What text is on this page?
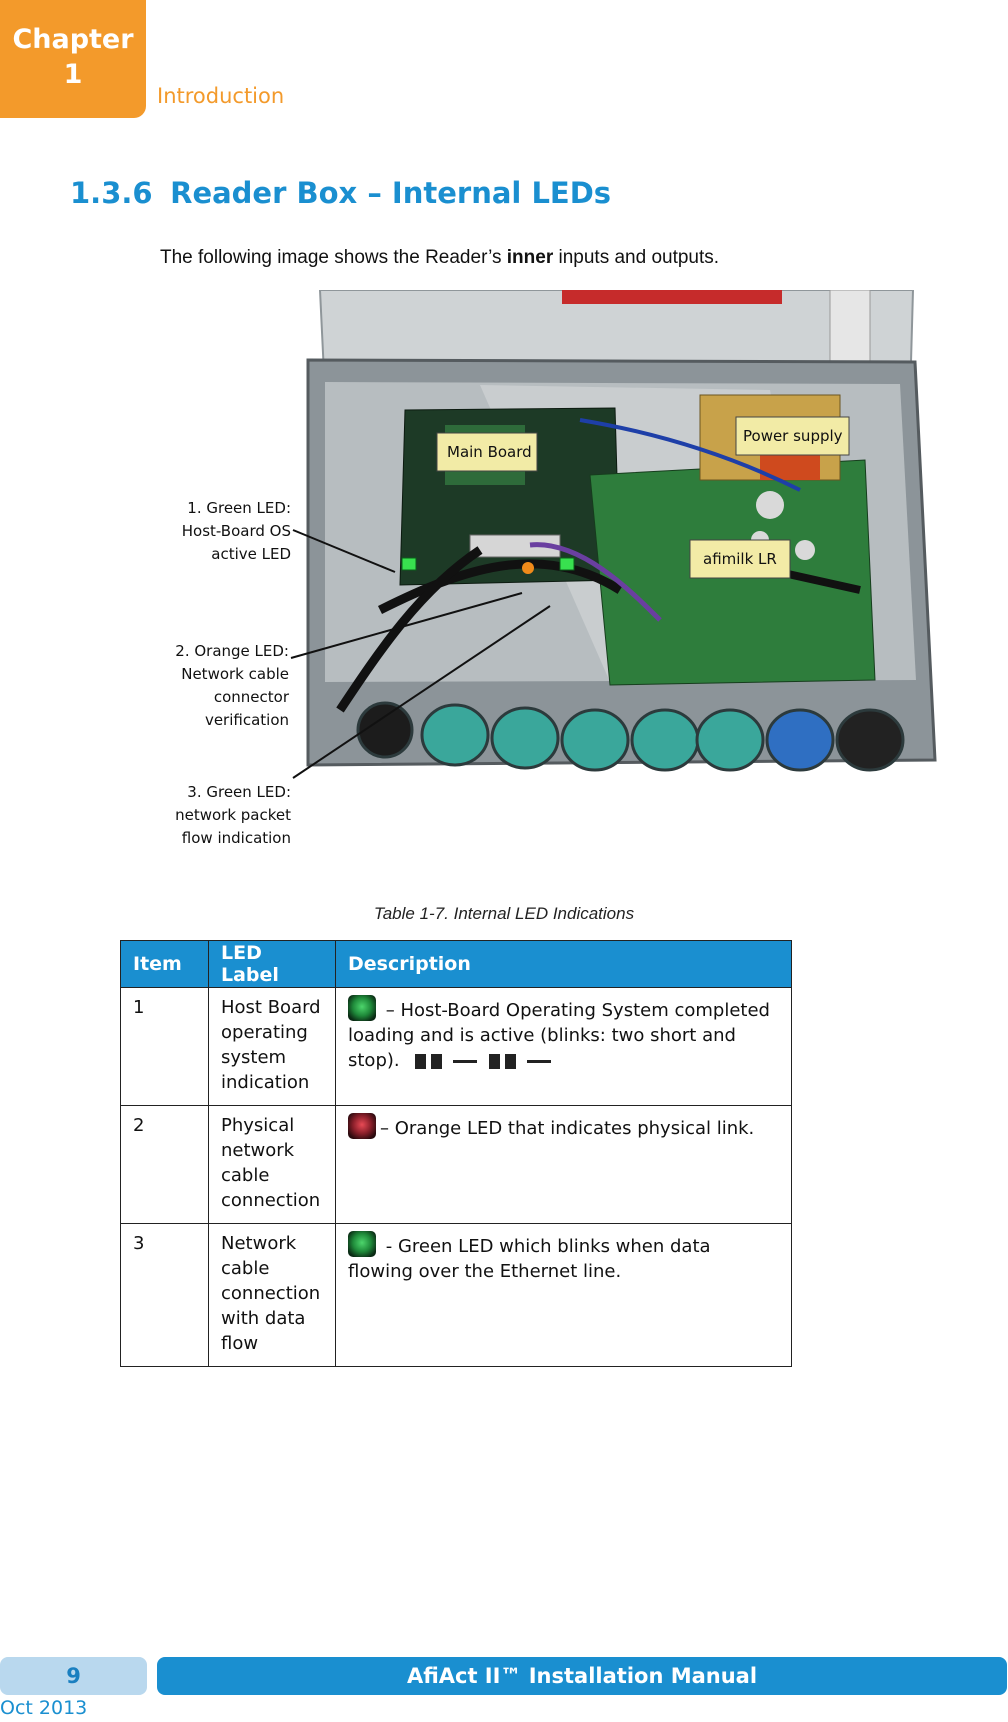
Chapter
1
Introduction
1.3.6 Reader Box – Internal LEDs
The following image shows the Reader’s inner inputs and outputs.
Main Board
Power supply
afimilk LR
1. Green LED:
Host-Board OS
active LED
2. Orange LED:
Network cable
connector
verification
3. Green LED:
network packet
flow indication
Table 1-7. Internal LED Indications
Item	LED Label	Description
1	Host Board operating system indication	– Host-Board Operating System completed loading and is active (blinks: two short and stop).
2	Physical network cable connection	– Orange LED that indicates physical link.
3	Network cable connection with data flow	- Green LED which blinks when data flowing over the Ethernet line.
9	AfiAct II™ Installation Manual
Oct 2013
